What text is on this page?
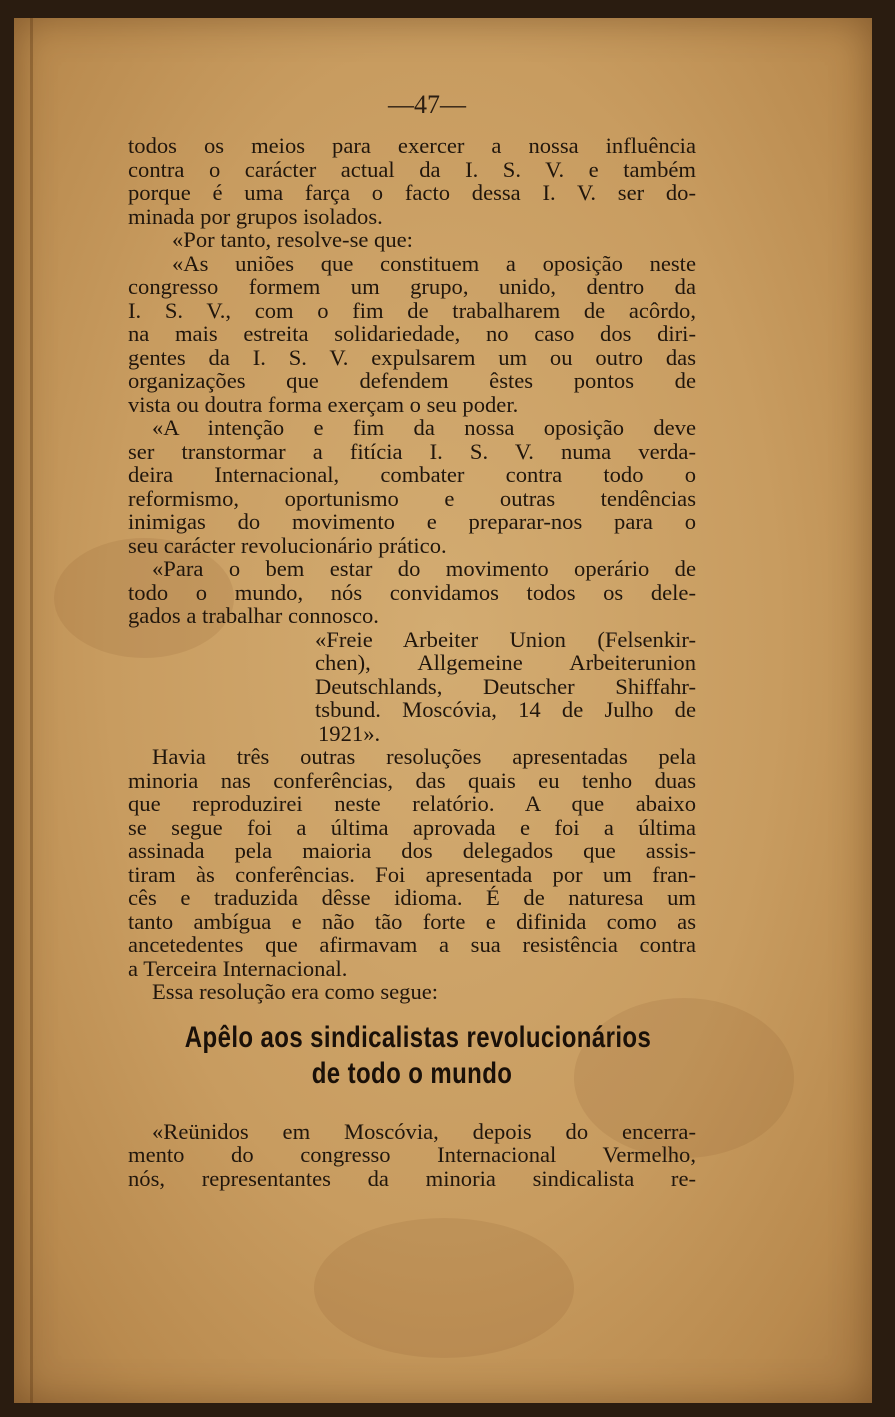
—47—
todos os meios para exercer a nossa influência
contra o carácter actual da I. S. V. e também
porque é uma farça o facto dessa I. V. ser do-
minada por grupos isolados.
«Por tanto, resolve-se que:
«As uniões que constituem a oposição neste
congresso formem um grupo, unido, dentro da
I. S. V., com o fim de trabalharem de acôrdo,
na mais estreita solidariedade, no caso dos diri-
gentes da I. S. V. expulsarem um ou outro das
organizações que defendem êstes pontos de
vista ou doutra forma exerçam o seu poder.
«A intenção e fim da nossa oposição deve
ser transtormar a fitícia I. S. V. numa verda-
deira Internacional, combater contra todo o
reformismo, oportunismo e outras tendências
inimigas do movimento e preparar-nos para o
seu carácter revolucionário prático.
«Para o bem estar do movimento operário de
todo o mundo, nós convidamos todos os dele-
gados a trabalhar connosco.
«Freie Arbeiter Union (Felsenkir-
chen), Allgemeine Arbeiterunion
Deutschlands, Deutscher Shiffahr-
tsbund. Moscóvia, 14 de Julho de
1921».
Havia três outras resoluções apresentadas pela
minoria nas conferências, das quais eu tenho duas
que reproduzirei neste relatório. A que abaixo
se segue foi a última aprovada e foi a última
assinada pela maioria dos delegados que assis-
tiram às conferências. Foi apresentada por um fran-
cês e traduzida dêsse idioma. É de naturesa um
tanto ambígua e não tão forte e difinida como as
ancetedentes que afirmavam a sua resistência contra
a Terceira Internacional.
Essa resolução era como segue:
Apêlo aos sindicalistas revolucionários
de todo o mundo
«Reünidos em Moscóvia, depois do encerra-
mento do congresso Internacional Vermelho,
nós, representantes da minoria sindicalista re-
